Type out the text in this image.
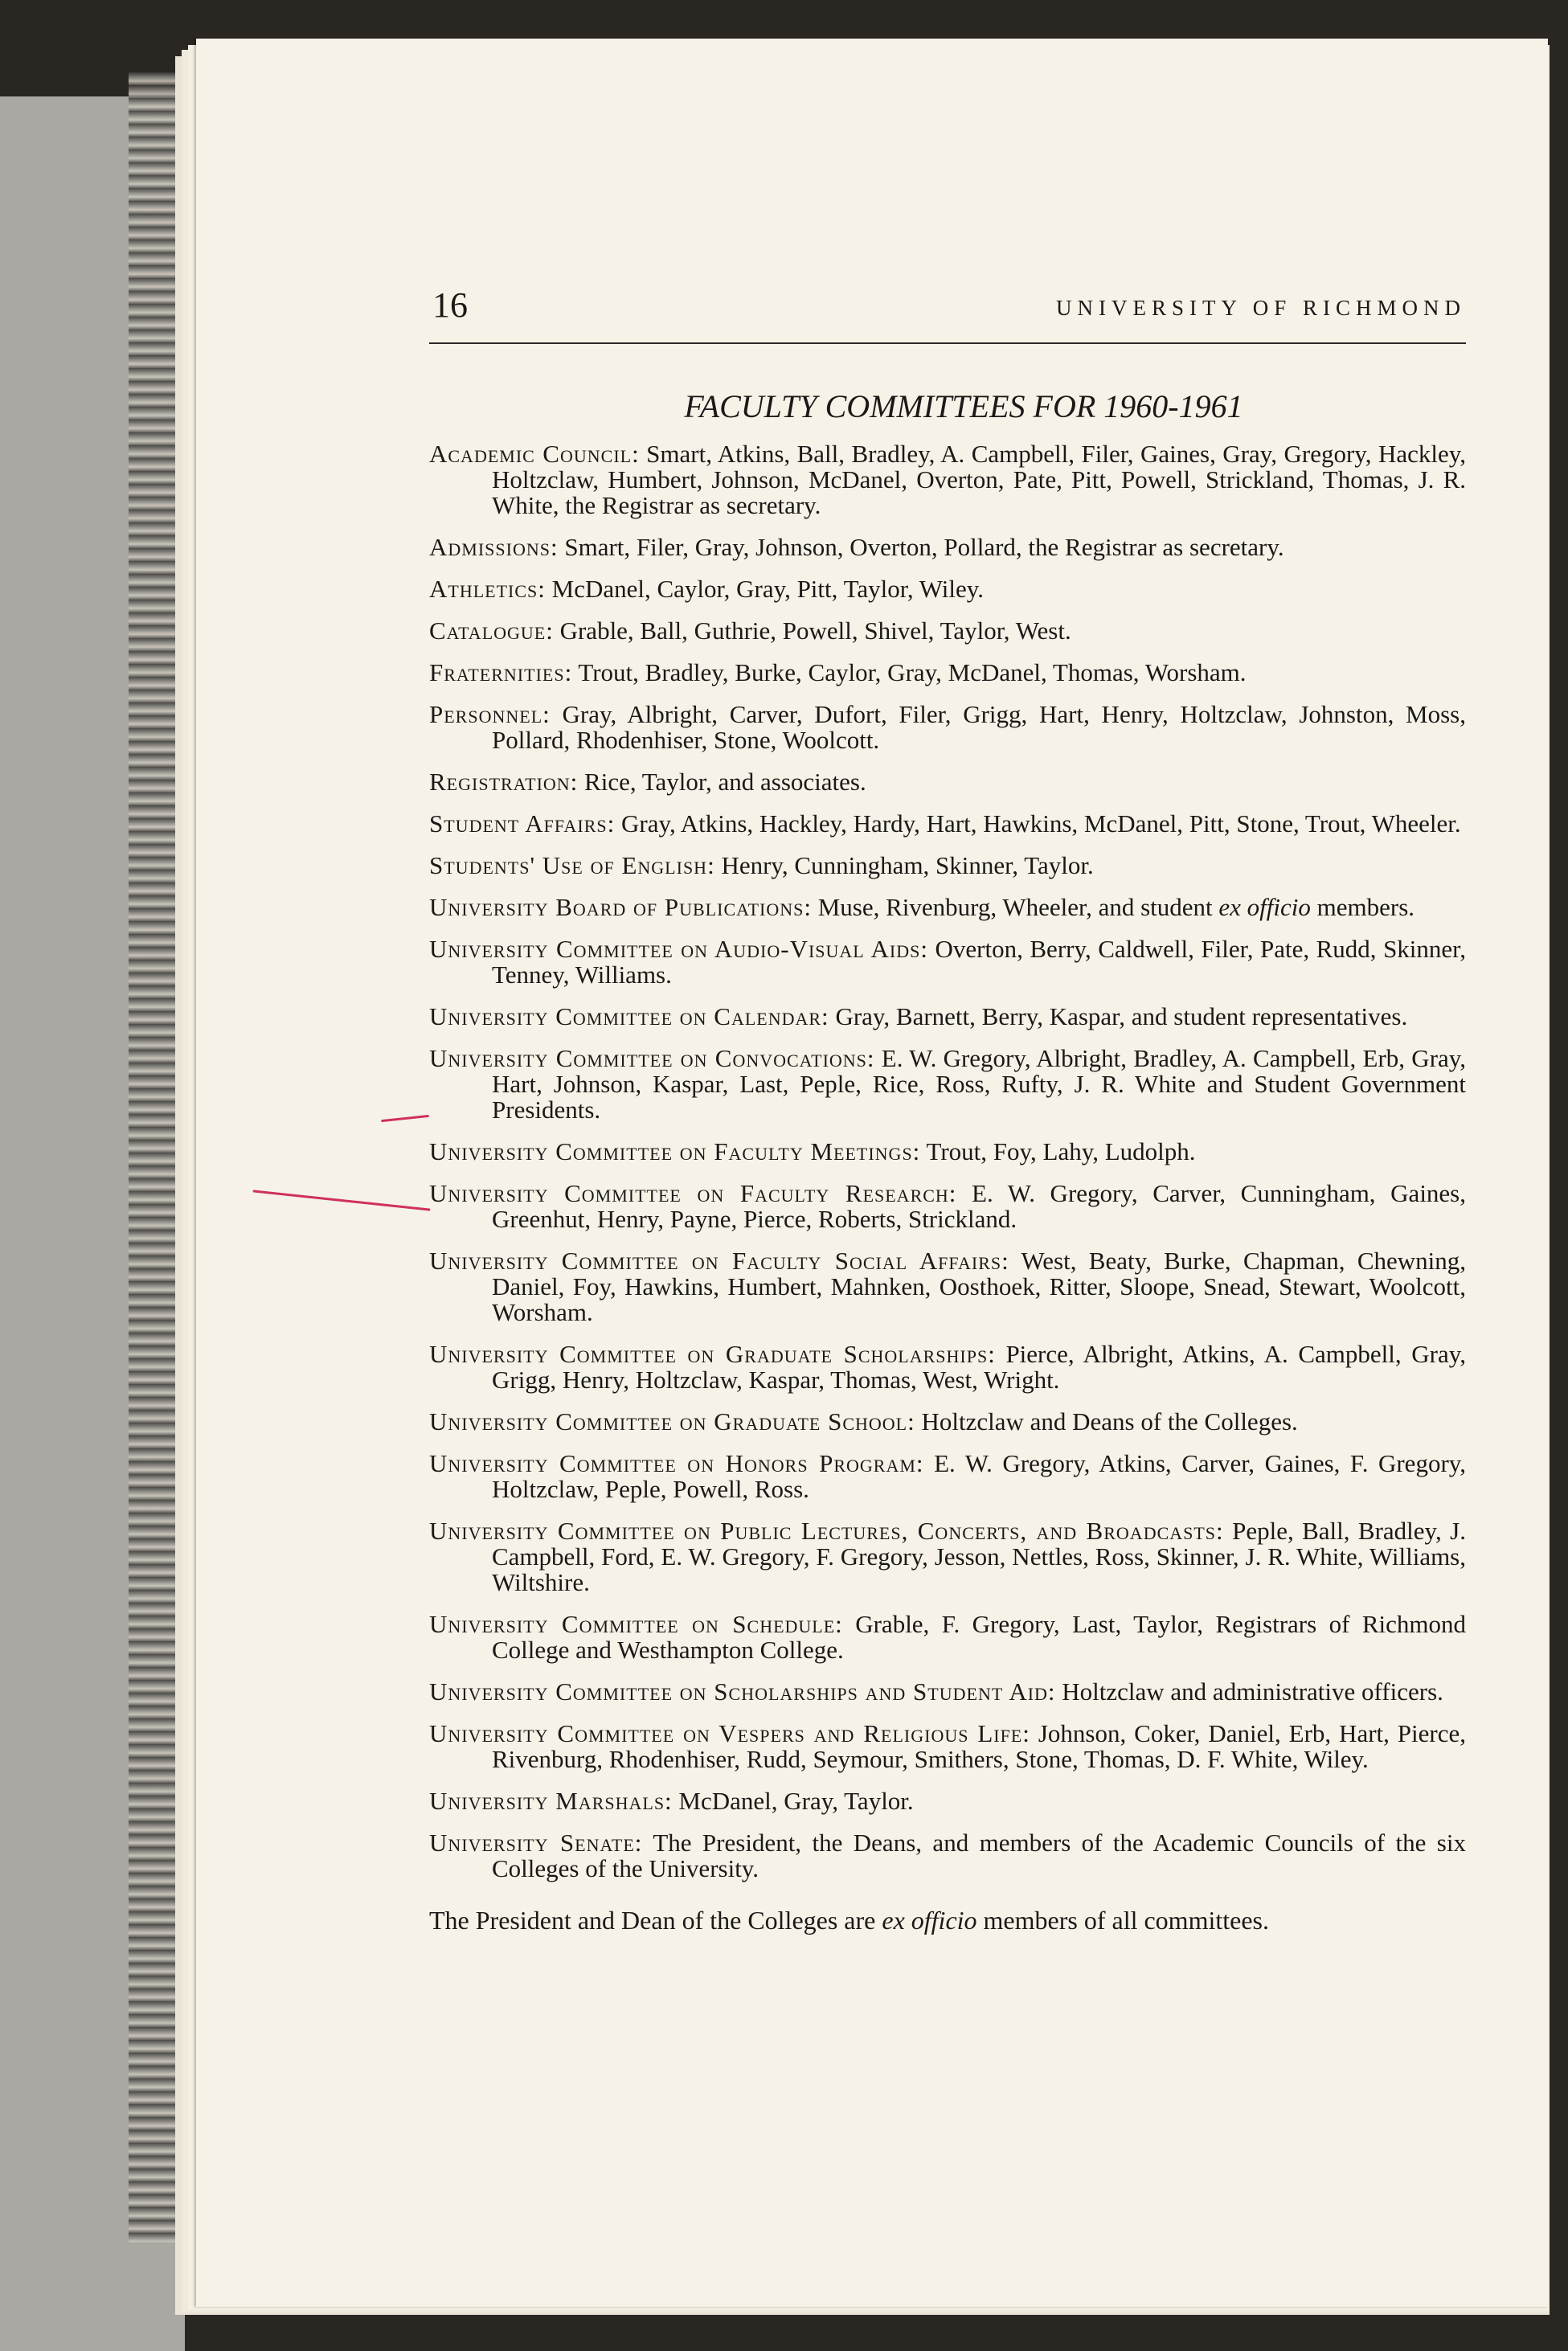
16	UNIVERSITY OF RICHMOND
FACULTY COMMITTEES FOR 1960-1961

Academic Council: Smart, Atkins, Ball, Bradley, A. Campbell, Filer, Gaines, Gray, Gregory, Hackley, Holtzclaw, Humbert, Johnson, McDanel, Overton, Pate, Pitt, Powell, Strickland, Thomas, J. R. White, the Registrar as secretary.

Admissions: Smart, Filer, Gray, Johnson, Overton, Pollard, the Registrar as secretary.

Athletics: McDanel, Caylor, Gray, Pitt, Taylor, Wiley.

Catalogue: Grable, Ball, Guthrie, Powell, Shivel, Taylor, West.

Fraternities: Trout, Bradley, Burke, Caylor, Gray, McDanel, Thomas, Worsham.

Personnel: Gray, Albright, Carver, Dufort, Filer, Grigg, Hart, Henry, Holtzclaw, Johnston, Moss, Pollard, Rhodenhiser, Stone, Woolcott.

Registration: Rice, Taylor, and associates.

Student Affairs: Gray, Atkins, Hackley, Hardy, Hart, Hawkins, McDanel, Pitt, Stone, Trout, Wheeler.

Students' Use of English: Henry, Cunningham, Skinner, Taylor.

University Board of Publications: Muse, Rivenburg, Wheeler, and student ex officio members.

University Committee on Audio-Visual Aids: Overton, Berry, Caldwell, Filer, Pate, Rudd, Skinner, Tenney, Williams.

University Committee on Calendar: Gray, Barnett, Berry, Kaspar, and student representatives.

University Committee on Convocations: E. W. Gregory, Albright, Bradley, A. Campbell, Erb, Gray, Hart, Johnson, Kaspar, Last, Peple, Rice, Ross, Rufty, J. R. White and Student Government Presidents.

University Committee on Faculty Meetings: Trout, Foy, Lahy, Ludolph.

University Committee on Faculty Research: E. W. Gregory, Carver, Cunningham, Gaines, Greenhut, Henry, Payne, Pierce, Roberts, Strickland.

University Committee on Faculty Social Affairs: West, Beaty, Burke, Chapman, Chewning, Daniel, Foy, Hawkins, Humbert, Mahnken, Oosthoek, Ritter, Sloope, Snead, Stewart, Woolcott, Worsham.

University Committee on Graduate Scholarships: Pierce, Albright, Atkins, A. Campbell, Gray, Grigg, Henry, Holtzclaw, Kaspar, Thomas, West, Wright.

University Committee on Graduate School: Holtzclaw and Deans of the Colleges.

University Committee on Honors Program: E. W. Gregory, Atkins, Carver, Gaines, F. Gregory, Holtzclaw, Peple, Powell, Ross.

University Committee on Public Lectures, Concerts, and Broadcasts: Peple, Ball, Bradley, J. Campbell, Ford, E. W. Gregory, F. Gregory, Jesson, Nettles, Ross, Skinner, J. R. White, Williams, Wiltshire.

University Committee on Schedule: Grable, F. Gregory, Last, Taylor, Registrars of Richmond College and Westhampton College.

University Committee on Scholarships and Student Aid: Holtzclaw and administrative officers.

University Committee on Vespers and Religious Life: Johnson, Coker, Daniel, Erb, Hart, Pierce, Rivenburg, Rhodenhiser, Rudd, Seymour, Smithers, Stone, Thomas, D. F. White, Wiley.

University Marshals: McDanel, Gray, Taylor.

University Senate: The President, the Deans, and members of the Academic Councils of the six Colleges of the University.

The President and Dean of the Colleges are ex officio members of all committees.
